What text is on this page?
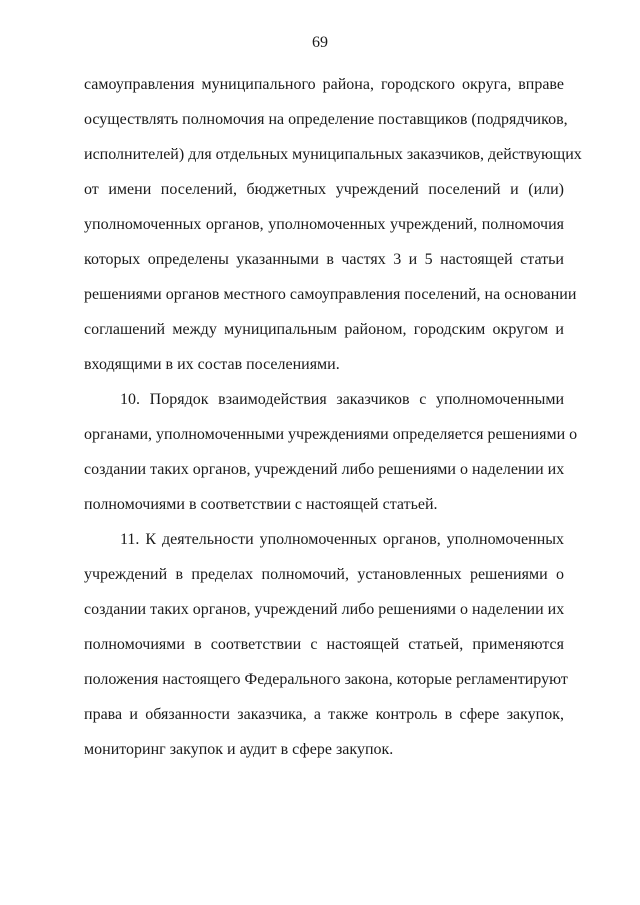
69
самоуправления муниципального района, городского округа, вправе
осуществлять полномочия на определение поставщиков (подрядчиков,
исполнителей) для отдельных муниципальных заказчиков, действующих
от имени поселений, бюджетных учреждений поселений и (или)
уполномоченных органов, уполномоченных учреждений, полномочия
которых определены указанными в частях 3 и 5 настоящей статьи
решениями органов местного самоуправления поселений, на основании
соглашений между муниципальным районом, городским округом и
входящими в их состав поселениями.
10. Порядок взаимодействия заказчиков с уполномоченными
органами, уполномоченными учреждениями определяется решениями о
создании таких органов, учреждений либо решениями о наделении их
полномочиями в соответствии с настоящей статьей.
11. К деятельности уполномоченных органов, уполномоченных
учреждений в пределах полномочий, установленных решениями о
создании таких органов, учреждений либо решениями о наделении их
полномочиями в соответствии с настоящей статьей, применяются
положения настоящего Федерального закона, которые регламентируют
права и обязанности заказчика, а также контроль в сфере закупок,
мониторинг закупок и аудит в сфере закупок.
